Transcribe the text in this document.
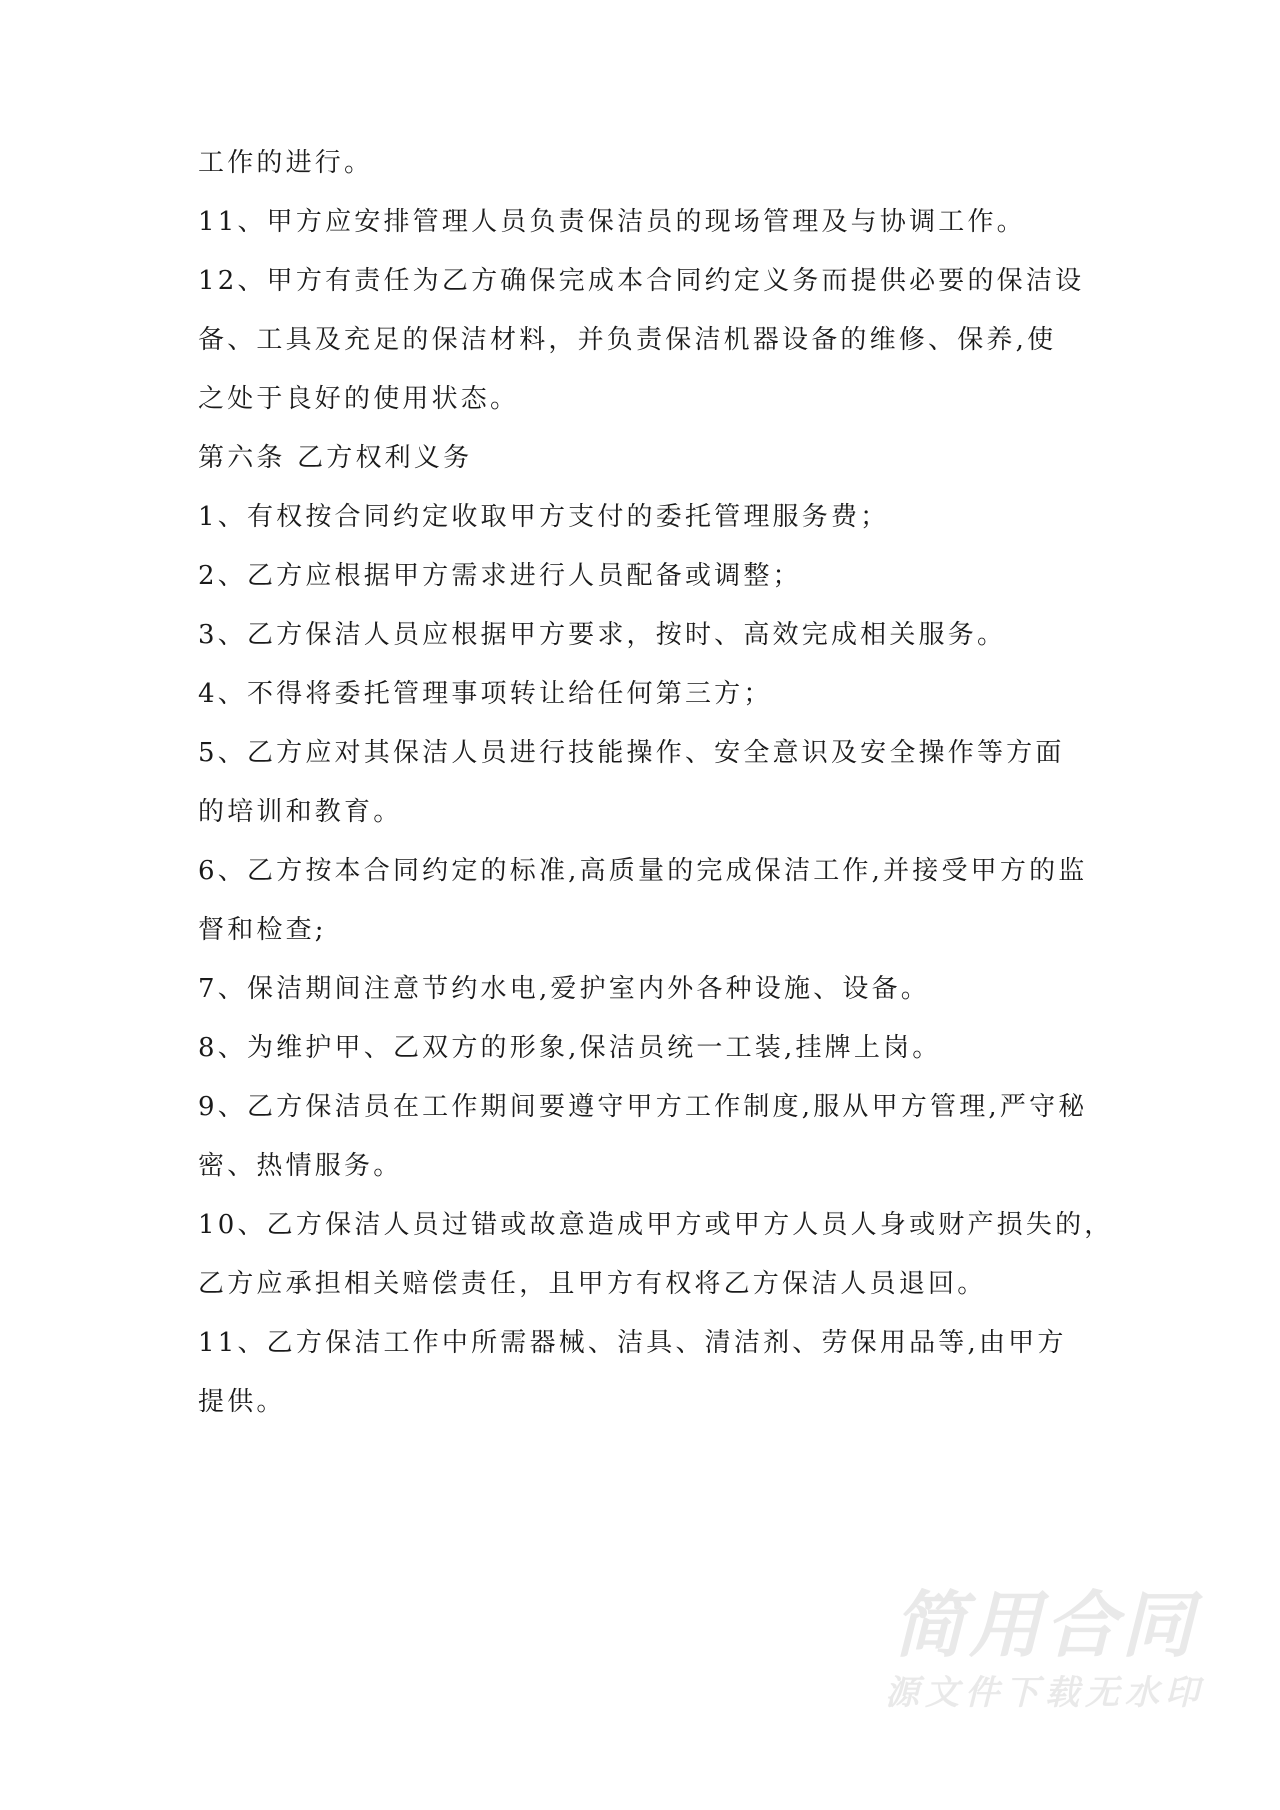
工作的进行。
11、甲方应安排管理人员负责保洁员的现场管理及与协调工作。
12、甲方有责任为乙方确保完成本合同约定义务而提供必要的保洁设
备、工具及充足的保洁材料，并负责保洁机器设备的维修、保养,使
之处于良好的使用状态。
第六条 乙方权利义务
1、有权按合同约定收取甲方支付的委托管理服务费；
2、乙方应根据甲方需求进行人员配备或调整；
3、乙方保洁人员应根据甲方要求，按时、高效完成相关服务。
4、不得将委托管理事项转让给任何第三方；
5、乙方应对其保洁人员进行技能操作、安全意识及安全操作等方面
的培训和教育。
6、乙方按本合同约定的标准,高质量的完成保洁工作,并接受甲方的监
督和检查;
7、保洁期间注意节约水电,爱护室内外各种设施、设备。
8、为维护甲、乙双方的形象,保洁员统一工装,挂牌上岗。
9、乙方保洁员在工作期间要遵守甲方工作制度,服从甲方管理,严守秘
密、热情服务。
10、乙方保洁人员过错或故意造成甲方或甲方人员人身或财产损失的，
乙方应承担相关赔偿责任，且甲方有权将乙方保洁人员退回。
11、乙方保洁工作中所需器械、洁具、清洁剂、劳保用品等,由甲方
提供。
简用合同
源文件下载无水印
